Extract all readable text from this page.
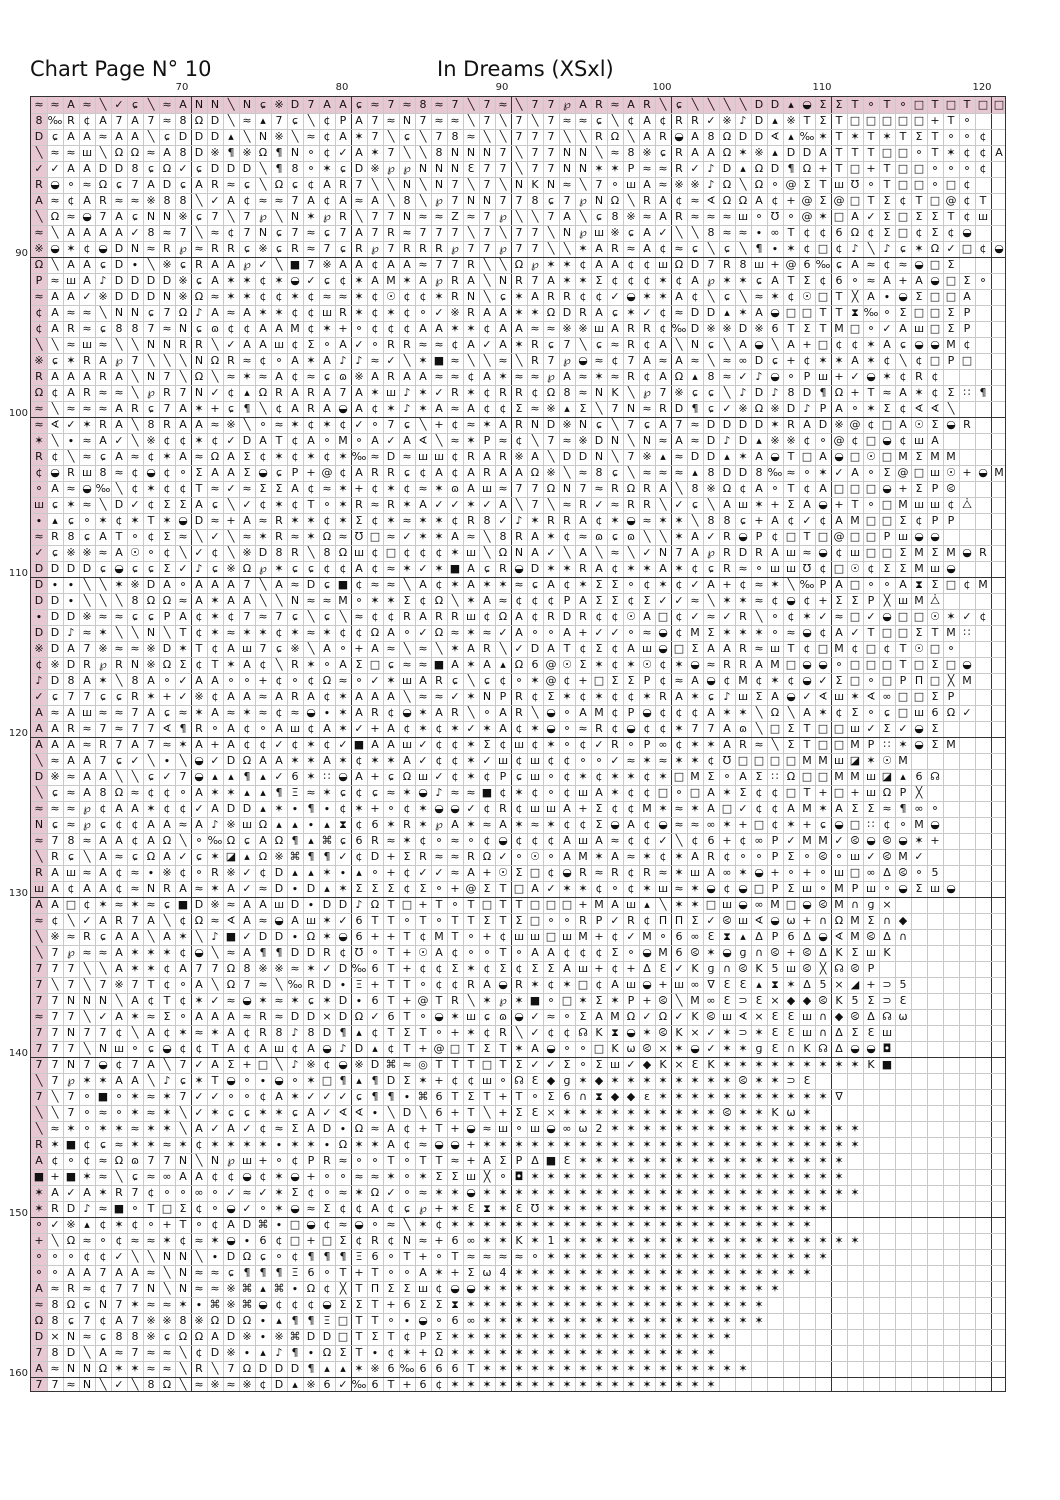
Chart Page N° 10	In Dreams (XSxl)
70	80	90	100	110	120
90
100
110
120
130
140
150
160
≈ ≈ A ≈ ╲ ✓ ɕ ╲ ≈ A N N ╲ N ɕ ※ D 7 A A ɕ ≈ 7 ≈ 8 ≈ 7 ╲ 7 ≈ ╲ 7 7 ℘ A R ≈ A R ╲ ɕ ╲ ╲ ╲ ╲ D D ▴ ◒ Σ Σ T ⚬ T ⚬ □ T □ T □ □
8 ‰ R ¢ A 7 A 7 ≈ 8 Ω D ╲ ≈ ▴ 7 ɕ ╲ ¢ P A 7 ≈ N 7 ≈ ≈ ╲ 7 ╲ 7 ╲ 7 ≈ ≈ ɕ ╲ ¢ A ¢ R R ✓ ※ ♪ D ▴ ※ T Σ T □ □ □ □ □ + T ⚬
D ɕ A A ≈ A A ╲ ɕ D D D ▴ ╲ N ※ ╲ ≈ ¢ A ✶ 7 ╲ ɕ ╲ 7 8 ≈ ╲ ╲ 7 7 7 ╲ ╲ R Ω ╲ A R ◒ A 8 Ω D D ∢ ▴ ‰ ✶ T ✶ T ✶ T Σ T ⚬ ⚬ ¢
╲ ≈ ≈ ш ╲ Ω Ω ≈ A 8 D ※ ¶ ※ Ω ¶ N ⚬ ¢ ✓ A ✶ 7 ╲ ╲ 8 N N N 7 ╲ 7 7 N N ╲ ≈ 8 ※ ɕ R A A Ω ✶ ※ ▴ D D A T T T □ □ ⚬ T ✶ ¢ ¢ A
✓ ✓ A A D D 8 ɕ Ω ✓ ɕ D D D ╲ ¶ 8 ⚬ ✶ ɕ D ※ ℘ ℘ N N N Ɛ 7 7 ╲ 7 7 N N ✶ ✶ P ≈ ≈ R ✓ ♪ D ▴ Ω D ¶ Ω + T □ + T □ □ ⚬ ⚬ ⚬ ¢
R ◒ ⚬ ≈ Ω ɕ 7 A D ɕ A R ≈ ɕ ╲ Ω ɕ ¢ A R 7 ╲ ╲ N ╲ N 7 ╲ 7 ╲ N K N ≈ ╲ 7 ⚬ ш A ≈ ※ ※ ♪ Ω ╲ Ω ⚬ @ Σ T ш ℧ ⚬ T □ □ ⚬ □ ¢
A ≈ ¢ A R ≈ ≈ ※ 8 8 ╲ ✓ A ¢ ≈ ≈ 7 A ¢ A ≈ A ╲ 8 ╲ ℘ 7 N N 7 7 8 ɕ 7 ℘ N Ω ╲ R A ¢ ≈ ∢ Ω Ω A ¢ + @ Σ @ □ T Σ ¢ T □ @ ¢ T
╲ Ω ≈ ◒ 7 A ɕ N N ※ ɕ 7 ╲ 7 ℘ ╲ N ✶ ℘ R ╲ 7 7 N ≈ ≈ Z ≈ 7 ℘ ╲ ╲ 7 A ╲ ɕ 8 ※ ≈ A R ≈ ≈ ≈ ш ⚬ ℧ ⚬ @ ✶ □ A ✓ Σ □ Σ Σ T ¢ ш
≈ ╲ A A A A ✓ 8 ≈ 7 ╲ ≈ ¢ 7 N ɕ 7 ≈ ɕ 7 A 7 R ≈ 7 7 7 ╲ 7 ╲ 7 7 ╲ N ℘ ш ※ ɕ A ✓ ╲ ╲ 8 ≈ ≈ ∙ ∞ T ¢ ¢ 6 Ω ¢ Σ □ ¢ Σ ¢ ◒
※ ◒ ✶ ¢ ◒ D N ≈ R ℘ ≈ R R ɕ ※ ɕ R ≈ 7 ɕ R ℘ 7 R R R ℘ 7 7 ℘ 7 7 ╲ ╲ ✶ A R ≈ A ¢ ≈ ɕ ╲ ɕ ╲ ¶ ∙ ✶ ¢ □ ¢ ♪ ╲ ♪ ɕ ✶ Ω ✓ □ ¢ ◒
Ω ╲ A A ɕ D ∙ ╲ ※ ɕ R A A ℘ ✓ ╲ ■ 7 ※ A A ¢ A A ≈ 7 7 R ╲ ╲ Ω ℘ ✶ ✶ ¢ A A ¢ ¢ ш Ω D 7 R 8 ш + @ 6 ‰ ɕ A ≈ ¢ ≈ ◒ □ Σ
P ≈ ш A ♪ D D D D ※ ɕ A ✶ ✶ ¢ ✶ ◒ ✓ ɕ ¢ ✶ A M ✶ A ℘ R A ╲ N R 7 A ✶ ✶ Σ ¢ ¢ ¢ ✶ ¢ A ℘ ✶ ✶ ɕ A T Σ ¢ 6 ⚬ ≈ A + A ◒ □ Σ ⚬
≈ A A ✓ ※ D D D N ※ Ω ≈ ✶ ✶ ¢ ¢ ✶ ¢ ≈ ≈ ✶ ¢ ☉ ¢ ¢ ✶ R N ╲ ɕ ✶ A R R ¢ ¢ ✓ ◒ ✶ ✶ A ¢ ╲ ɕ ╲ ≈ ✶ ¢ ☉ □ T ╳ A ∙ ◒ Σ □ □ A
¢ A ≈ ≈ ╲ N N ɕ 7 Ω ♪ A ≈ A ✶ ✶ ¢ ¢ ш R ✶ ¢ ✶ ¢ ⚬ ✓ ※ R A A ✶ ✶ Ω D R A ɕ ✶ ✓ ¢ ≈ D D ▴ ✶ A ◒ □ □ T T ⧗ ‰ ⚬ Σ □ □ Σ P
¢ A R ≈ ɕ 8 8 7 ≈ N ɕ ɷ ¢ ¢ A A M ¢ ✶ + ⚬ ¢ ¢ ¢ A A ✶ ✶ ¢ A A ≈ ≈ ※ ※ ш A R R ¢ ‰ D ※ ※ D ※ 6 T Σ T M □ ⚬ ✓ A ш □ Σ P
╲ ╲ ≈ ш ≈ ╲ ╲ N N R R ╲ ✓ A A ш ¢ Σ ⚬ A ✓ ⚬ R R ≈ ≈ ¢ A ✓ A ✶ R ɕ 7 ╲ ɕ ≈ R ¢ A ╲ N ɕ ╲ A ◒ ╲ A + □ ¢ ¢ ✶ A ɕ ◒ ◒ M ¢
※ ɕ ✶ R A ℘ 7 ╲ ╲ ╲ N Ω R ≈ ¢ ⚬ A ✶ A ♪ ♪ ≈ ✓ ╲ ✶ ■ ≈ ╲ ╲ ≈ ╲ R 7 ℘ ◒ ≈ ¢ 7 A ≈ A ≈ ╲ ≈ ∞ D ɕ + ¢ ✶ ✶ A ✶ ¢ ╲ ¢ □ P □
R A A A R A ╲ N 7 ╲ Ω ╲ ≈ ✶ ≈ A ¢ ≈ ɕ ɷ ※ A R A A ≈ ≈ ¢ A ✶ ≈ ≈ ℘ A ≈ ✶ ≈ R ¢ A Ω ▴ 8 ≈ ✓ ♪ ◒ ⚬ P ш + ✓ ◒ ✶ ¢ R ¢
Ω ¢ A R ≈ ≈ ╲ ℘ R 7 N ✓ ¢ ▴ Ω R A R A 7 A ✶ ш ♪ ✶ ✓ R ✶ ¢ R R ¢ Ω 8 ≈ N K ╲ ℘ 7 ※ ɕ ɕ ╲ ♪ D ♪ 8 D ¶ Ω + T ≈ A ✶ ¢ Σ ∷ ¶
≈ ╲ ≈ ≈ ≈ A R ɕ 7 A ✶ + ɕ ¶ ╲ ¢ A R A ◒ A ¢ ✶ ♪ ✶ A ≈ A ¢ ¢ Σ ≈ ※ ▴ Σ ╲ 7 N ≈ R D ¶ ɕ ✓ ※ Ω ※ D ♪ P A ⚬ ✶ Σ ¢ ∢ ∢ ╲
≈ ∢ ✓ ✶ R A ╲ 8 R A A ≈ ※ ╲ ⚬ ≈ ✶ ¢ ✶ ¢ ✓ ⚬ 7 ɕ ╲ + ¢ ≈ ✶ A R N D ※ N ɕ ╲ 7 ɕ A 7 ≈ D D D D ✶ R A D ※ @ ¢ □ A ☉ Σ ◒ R
✶ ╲ ∙ ≈ A ✓ ╲ ※ ¢ ¢ ✶ ¢ ✓ D A T ¢ A ⚬ M ⚬ A ✓ A ∢ ╲ ≈ ✶ P ≈ ¢ ╲ 7 ≈ ※ D N ╲ N ≈ A ≈ D ♪ D ▴ ※ ※ ¢ ⚬ @ ¢ □ ◒ ¢ ш A
R ¢ ╲ ≈ ɕ A ≈ ¢ ✶ A ≈ Ω A Σ ¢ ✶ ¢ ✶ ¢ ✶ ‰ ≈ D ≈ ш ш ¢ R A R ※ A ╲ D D N ╲ 7 ※ ▴ ≈ D D ▴ ✶ A ◒ T □ A ◒ □ ☉ □ M Σ M M
¢ ◒ R ш 8 ≈ ¢ ◒ ¢ ⚬ Σ A A Σ ◒ ɕ P + @ ¢ A R R ɕ ¢ A ¢ A R A A Ω ※ ╲ ≈ 8 ɕ ╲ ≈ ≈ ≈ ▴ 8 D D 8 ‰ ≈ ⚬ ✶ ✓ A ⚬ Σ @ □ ш ☉ + ◒ M
⚬ A ≈ ◒ ‰ ╲ ¢ ✶ ¢ ¢ T ≈ ✓ ≈ Σ Σ A ¢ ≈ ✶ + ¢ ✶ ¢ ≈ ✶ ɷ A ш ≈ 7 7 Ω N 7 ≈ R Ω R A ╲ 8 ※ Ω ¢ A ⚬ T ¢ A □ □ □ ◒ + Σ P ⧀
ш ɕ ✶ ≈ ╲ D ✓ ¢ Σ Σ A ɕ ╲ ✓ ¢ ✶ ¢ T ⚬ ✶ R ≈ R ✶ A ✓ ✓ ✶ ✓ A ╲ 7 ╲ ≈ R ✓ ≈ R R ╲ ✓ ɕ ╲ A ш ✶ + Σ A ◒ + T ⚬ □ M ш ш ¢ ⧊
∙ ▴ ɕ ⚬ ✶ ¢ ✶ T ✶ ◒ D ≈ + A ≈ R ✶ ✶ ¢ ✶ Σ ¢ ✶ ≈ ✶ ✶ ¢ R 8 ✓ ♪ ✶ R R A ¢ ✶ ◒ ≈ ✶ ✶ ╲ 8 8 ɕ + A ¢ ✓ ¢ A M □ □ Σ ¢ P P
≈ R 8 ɕ A T ⚬ ¢ Σ ≈ ╲ ✓ ╲ ≈ ✶ R ≈ ✶ Ω ≈ ℧ □ ≈ ✓ ✶ ✶ A ≈ ╲ 8 R A ✶ ¢ ≈ ɷ ɕ ɷ ╲ ╲ ✶ A ✓ R ◒ P ¢ □ T □ @ □ □ P ш ◒ ◒
✓ ɕ ※ ※ ≈ A ☉ ⚬ ¢ ╲ ✓ ¢ ╲ ※ D 8 R ╲ 8 Ω ш ¢ □ ¢ ¢ ¢ ✶ ш ╲ Ω N A ✓ ╲ A ╲ ≈ ╲ ✓ N 7 A ℘ R D R A ш ≈ ◒ ¢ ш □ □ Σ M Σ M ◒ R
D D D D ɕ ◒ ɕ ɕ Σ ✓ ♪ ɕ ※ Ω ℘ ✶ ɕ ɕ ¢ ¢ A ¢ ≈ ✶ ✓ ✶ ■ A ɕ R ◒ D ✶ ✶ R A ¢ ✶ ✶ A ✶ ¢ ɕ R ≈ ⚬ ш ш ℧ ¢ □ ☉ ¢ Σ Σ M ш ◒
D ∙ ∙ ╲ ╲ ✶ ※ D A ⚬ A A A 7 ╲ A ≈ D ɕ ■ ¢ ≈ ≈ ╲ A ¢ ✶ A ✶ ✶ ≈ ɕ A ¢ ✶ Σ Σ ⚬ ¢ ✶ ¢ ✓ A + ¢ ≈ ✶ ╲ ‰ P A □ ⚬ ⚬ A ⧗ Σ □ ¢ M
D D ∙ ╲ ╲ ╲ 8 Ω Ω ≈ A ✶ A A ╲ ╲ N ≈ ≈ M ⚬ ✶ ✶ Σ ¢ Ω ╲ ✶ A ≈ ¢ ¢ ¢ P A Σ Σ ¢ Σ ✓ ✓ ≈ ╲ ✶ ✶ ≈ ¢ ◒ ¢ + Σ Σ P ╳ ш M ⧊
∙ D D ※ ≈ ≈ ɕ ɕ P A ¢ ✶ ¢ 7 ≈ 7 ɕ ╲ ɕ ╲ ≈ ¢ ¢ R A R R ш ¢ Ω A ¢ R D R ¢ ¢ ☉ A □ ¢ ✓ ≈ ✓ R ╲ ⚬ ¢ ✶ ✓ ≈ □ ✓ ◒ □ □ ☉ ✶ ✓ ¢
D D ♪ ≈ ✶ ╲ ╲ N ╲ T ¢ ✶ ≈ ✶ ✶ ¢ ✶ ≈ ✶ ¢ ¢ Ω A ⚬ ✓ Ω ≈ ✶ ≈ ✓ A ⚬ ⚬ A + ✓ ✓ ⚬ ≈ ◒ ¢ M Σ ✶ ✶ ✶ ⚬ ≈ ◒ ¢ A ✓ T □ □ Σ T M ∷
※ D A 7 ※ ≈ ≈ ※ D ✶ T ¢ A ш 7 ɕ ※ ╲ A ⚬ + A ≈ ╲ ≈ ╲ ✶ A R ╲ ✓ D A T ¢ Σ ¢ A ш ◒ □ Σ A A R ≈ ш T ¢ □ M ¢ □ ¢ T ☉ □ ⚬
¢ ※ D R ℘ R N ※ Ω Σ ¢ T ✶ A ¢ ╲ R ✶ ⚬ A Σ □ ɕ ≈ ≈ ■ A ✶ A ▴ Ω 6 @ ☉ Σ ✶ ¢ ✶ ☉ ¢ ✶ ◒ ≈ R R A M □ ◒ ◒ ⚬ □ □ □ T □ Σ □ ◒
♪ D 8 A ✶ ╲ 8 A ⚬ ✓ A A ⚬ ⚬ + ¢ ⚬ ¢ Ω ≈ ⚬ ✓ ✶ ш A R ɕ ╲ ɕ ¢ ⚬ ✶ @ ¢ + □ Σ Σ P ¢ ≈ A ◒ ¢ M ¢ ✶ ¢ ◒ ✓ Σ □ ⚬ □ P Π □ ╳ M
✓ ɕ 7 7 ɕ ɕ R ✶ + ✓ ※ ¢ A A ≈ A R A ¢ ✶ A A A ╲ ≈ ≈ ✓ ✶ N P R ¢ Σ ✶ ¢ ✶ ¢ ¢ ✶ R A ✶ ɕ ♪ ш Σ A ◒ ✓ ∢ ш ✶ ∢ ∞ □ □ Σ P
A ≈ A ш ≈ ≈ 7 A ɕ ≈ ✶ A ≈ ✶ ≈ ¢ ≈ ◒ ∙ ✶ A R ¢ ◒ ✶ A R ╲ ⚬ A R ╲ ◒ ⚬ A M ¢ P ◒ ¢ ¢ ¢ A ✶ ✶ ╲ Ω ╲ A ✶ ¢ Σ ⚬ ɕ □ ш 6 Ω ✓
A A R ≈ 7 ≈ 7 7 ∢ ¶ R ⚬ A ¢ ⚬ A ш ¢ A ✶ ✓ + A ¢ ✶ ¢ ✶ ✓ ✶ A ¢ ✶ ◒ ⚬ ≈ R ¢ ◒ ¢ ¢ ✶ 7 7 A ɷ ╲ □ Σ T □ □ ш ✓ Σ ✓ ◒ Σ
A A A ≈ R 7 A 7 ≈ ✶ A + A ¢ ¢ ✓ ¢ ✶ ¢ ✓ ■ A A ш ✓ ¢ ¢ ✶ Σ ¢ ш ¢ ✶ ⚬ ¢ ✓ R ⚬ P ∞ ¢ ✶ ✶ A R ≈ ╲ Σ T □ □ M P ∷ ✶ ◒ Σ M
╲ ≈ A A 7 ɕ ✓ ╲ ∙ ╲ ◒ ✓ D Ω A A ✶ ✶ A ✶ ¢ ✶ ✶ A ✓ ¢ ¢ ✶ ✓ ш ¢ ш ¢ ¢ ⚬ ⚬ ✓ ≈ ✶ ≈ ✶ ✶ ¢ ℧ □ □ □ □ M M ш ◪ ✶ ☉ M
D ※ ≈ A A ╲ ╲ ɕ ✓ 7 ◒ ▴ ▴ ¶ ▴ ✓ 6 ✶ ∷ ◒ A + ɕ Ω ш ✓ ¢ ✶ ¢ P ɕ ш ⚬ ¢ ✶ ¢ ✶ ✶ ¢ ✶ □ M Σ ⚬ A Σ ∷ Ω □ □ M M ш ◪ ▴ 6 ☊
╲ ɕ ≈ A 8 Ω ≈ ¢ ¢ ⚬ A ✶ ✶ ▴ ▴ ¶ Ξ ≈ ✶ ɕ ¢ ɕ ≈ ✶ ◒ ♪ ≈ ≈ ■ ¢ ✶ ¢ ⚬ ¢ ш A ✶ ¢ ¢ □ ⚬ □ A ✶ Σ ¢ ¢ □ T + □ + ш Ω P ╳
≈ ≈ ≈ ℘ ¢ A A ✶ ¢ ¢ ✓ A D D ▴ ✶ ∙ ¶ ∙ ¢ ✶ + ⚬ ¢ ✶ ◒ ◒ ✓ ¢ R ¢ ш ш A + Σ ¢ ¢ M ✶ ≈ ✶ A □ ✓ ¢ ¢ A M ✶ A Σ Σ ≈ ¶ ∞ ⚬
N ɕ ≈ ℘ ɕ ¢ ¢ A A ≈ A ♪ ※ ш Ω ▴ ▴ ∙ ▴ ⧗ ¢ 6 ✶ R ✶ ℘ A ✶ ≈ A ✶ ≈ ✶ ¢ ¢ Σ ◒ A ¢ ◒ ≈ ≈ ∞ ✶ + □ ¢ ✶ + ɕ ◒ □ ∷ ¢ ⚬ M ◒
≈ 7 8 ≈ A A ¢ A Ω ╲ ⚬ ‰ Ω ɕ A Ω ¶ ▴ ⌘ ɕ 6 R ≈ ✶ ¢ ⚬ ≈ ⚬ ¢ ◒ ¢ ¢ ¢ A ш A ≈ ¢ ¢ ✓ ╲ ¢ 6 + ¢ ∞ P ✓ M M ✓ ⧀ ◒ ⧀ ◒ ✶ +
╲ R ɕ ╲ A ≈ ɕ Ω A ✓ ɕ ✶ ◪ ▴ Ω ※ ⌘ ¶ ¶ ✓ ¢ D + Σ R ≈ ≈ R Ω ✓ ⚬ ☉ ⚬ A M ✶ A ≈ ✶ ¢ ✶ A R ¢ ⚬ ⚬ P Σ ⚬ ⧀ ⚬ ш ✓ ⧀ M ✓
R A ш ≈ A ¢ ≈ ∙ ※ ¢ ⚬ R ※ ✓ ¢ D ▴ ▴ ✶ ∙ ▴ ⚬ + ¢ ✓ ✓ ≈ A + ☉ Σ □ ¢ ◒ R ≈ R ¢ R ≈ ✶ ш A ∞ ✶ ◒ + ⚬ + ⚬ ш □ ∞ Δ ⧀ ⚬ 5
ш A ¢ A A ¢ ≈ N R A ≈ ✶ A ✓ ≈ D ∙ D ▴ ✶ Σ Σ Σ ¢ Σ ⚬ + @ Σ T □ A ✓ ✶ ✶ ¢ ⚬ ¢ ✶ ш ≈ ✶ ◒ ¢ ◒ □ P Σ ш ⚬ M P ш ⚬ ◒ Σ ш ◒
A A □ ¢ ✶ ≈ ✶ ≈ ɕ ■ D ※ ≈ A A ш D ∙ D D ♪ Ω T □ + T ⚬ T □ T T □ □ □ + M A ш ▴ ╲ ✶ ✶ □ ш ◒ ∞ M □ ◒ ⧀ M ∩ ɡ ×
≈ ¢ ╲ ✓ A R 7 A ╲ ¢ Ω ≈ ∢ A ≈ ◒ A ш ✶ ✓ 6 T T ⚬ T ⚬ T T Σ T Σ □ ⚬ ⚬ R P ✓ R ¢ Π Π Σ ✓ ⧀ ш ∢ ◒ ⍵ + ∩ Ω M Σ ∩ ◆
╲ ※ ≈ R ɕ A A ╲ A ✶ ╲ ♪ ■ ✓ D D ∙ Ω ✶ ◒ 6 + + T ¢ M T ⚬ + ¢ ш ш □ ш M + ¢ ✓ M ⚬ 6 ∞ Ɛ ⧗ ▴ Δ P 6 Δ ◒ ∢ M ⧀ Δ ∩
╲ 7 ℘ ≈ ≈ A ✶ ✶ ✶ ¢ ◒ ╲ ≈ A ¶ ¶ D D R ¢ ℧ ⚬ T + ☉ A ¢ ⚬ ⚬ T ⚬ A A ¢ ¢ ¢ Σ ⚬ ◒ M 6 ⧀ ✶ ◒ ɡ ∩ ⧀ + ⧀ Δ K Σ ш K
7 7 7 ╲ ╲ A ✶ ✶ ¢ A 7 7 Ω 8 ※ ※ ≈ ✶ ✓ D ‰ 6 T + ¢ ¢ Σ ✶ ¢ Σ ¢ Σ Σ A ш + ¢ + Δ Ɛ ✓ K ɡ ∩ ⧀ K 5 ш ⧀ ╳ ☊ ⧀ P
7 ╲ 7 ╲ 7 ※ 7 T ¢ ⚬ A ╲ Ω 7 ≈ ╲ ‰ R D ∙ Ξ + T T ⚬ ¢ ¢ R A ◒ R ✶ ¢ ✶ □ ¢ A ш ◒ + ш ∞ ∇ Ɛ Ɛ ▴ ⧗ ✶ Δ 5 × ◢ + ⊃ 5
7 7 N N N ╲ A ¢ T ¢ ✶ ✓ ≈ ◒ ✶ ≈ ✶ ɕ ✶ D ∙ 6 T + @ T R ╲ ✶ ℘ ✶ ■ ⚬ □ ✶ Σ ✶ P + ⧀ ╲ M ∞ Ɛ ⊃ Ɛ × ◆ ◆ ⧀ K 5 Σ ⊃ Ɛ
≈ 7 7 ╲ ✓ A ✶ ≈ Σ ⚬ A A A ≈ R ≈ D D × D Ω ✓ 6 T ⚬ ◒ ✶ ш ɕ ɷ ◒ ✓ ≈ ⚬ Σ A M Ω ✓ Ω ✓ K ⧀ ш ∢ × Ɛ Ɛ ш ∩ ◆ ⧀ Δ ☊ ⍵
7 7 N 7 7 ¢ ╲ A ¢ ✶ ≈ ✶ A ¢ R 8 ♪ 8 D ¶ ▴ ¢ T Σ T ⚬ + ✶ ¢ R ╲ ✓ ¢ ¢ ☊ K ⧗ ◒ ✶ ⧀ K × ✓ ✶ ⊃ ✶ Ɛ Ɛ ш ∩ Δ Σ Ɛ ш
7 7 7 ╲ N ш ⚬ ɕ ◒ ¢ ¢ T A ¢ A ш ¢ A ◒ ♪ D ▴ ¢ T + @ □ T Σ T ✶ A ◒ ⚬ ⚬ □ K ⍵ ⧀ × ✶ ◒ ✓ ✶ ✶ ɡ Ɛ ∩ K ☊ Δ ◒ ◒ ◘
7 7 N 7 ◒ ¢ 7 A ╲ 7 ✓ A Σ + □ ╲ ♪ ※ ¢ ◒ ※ D ⌘ ≈ ◎ T T T □ T Σ ✓ ✓ Σ ⚬ Σ ш ✓ ◆ K × Ɛ K ✶ ✶ ✶ ✶ ✶ ✶ ✶ ✶ ✶ K ■
╲ 7 ℘ ✶ ✶ A A ╲ ♪ ɕ ✶ T ◒ ⚬ ∙ ◒ ⚬ ✶ □ ¶ ▴ ¶ D Σ ✶ + ¢ ¢ ш ⚬ ☊ Ɛ ◆ ɡ ✶ ◆ ✶ ✶ ✶ ✶ ✶ ✶ ✶ ✶ ⧀ ✶ ✶ ⊃ Ɛ
7 ╲ 7 ⚬ ■ ⚬ ✶ ≈ ✶ 7 ✓ ✓ ⚬ ⚬ ¢ A ✶ ✓ ✓ ✓ ɕ ¶ ¶ ∙ ⌘ 6 T Σ T + T ⚬ Σ 6 ∩ ⧗ ◆ ◆ ɛ ✶ ✶ ✶ ✶ ✶ ✶ ✶ ✶ ✶ ✶ ✶ ∇
╲ ╲ 7 ⚬ ≈ ⚬ ✶ ≈ ✶ ╲ ✓ ✶ ɕ ɕ ✶ ✶ ɕ A ✓ ∢ ∢ ∙ ╲ D ╲ 6 + T ╲ + Σ Ɛ × ✶ ✶ ✶ ✶ ✶ ✶ ✶ ✶ ✶ ✶ ⧀ ✶ ✶ K ⍵ ✶
╲ ≈ ✶ ⚬ ✶ ✶ ≈ ✶ ✶ ╲ A ✓ A ✓ ¢ ≈ Σ A D ∙ Ω ≈ A ¢ + T + ◒ ≈ ш ⚬ ш ◒ ∞ ω 2 ✶ ✶ ✶ ✶ ✶ ✶ ✶ ✶ ✶ ✶ ✶ ✶ ✶ ✶ ✶ ✶
R ✶ ■ ¢ ɕ ≈ ✶ ✶ ≈ ✶ ¢ ✶ ✶ ✶ ✶ ∙ ✶ ✶ ∙ Ω ✶ ✶ A ¢ ≈ ◒ ◒ + ✶ ✶ ✶ ✶ ✶ ✶ ✶ ✶ ✶ ✶ ✶ ✶ ✶ ✶ ✶ ✶ ✶ ✶ ✶ ✶ ✶ ✶ ✶ ✶
A ¢ ⚬ ¢ ≈ Ω ɷ 7 7 N ╲ N ℘ ш + ⚬ ¢ P R ≈ ⚬ ⚬ T ⚬ T T ≈ + A Σ P Δ ■ Ɛ ✶ ✶ ✶ ✶ ✶ ✶ ✶ ✶ ✶ ✶ ✶ ✶ ✶ ✶ ✶ ✶ ✶
■ + ■ ✶ ≈ ╲ ɕ ≈ ∞ A A ¢ ¢ ◒ ¢ ✶ ◒ + ⚬ ⚬ ≈ ≈ ✶ ⚬ ✶ Σ Σ ш ╳ ⚬ ◘ ✶ ✶ ✶ ✶ ✶ ✶ ✶ ✶ ✶ ✶ ✶ ✶ ✶ ✶ ✶ ✶ ✶ ✶ ✶ ✶
✶ A ✓ A ✶ R 7 ¢ ⚬ ⚬ ∞ ⚬ ✓ ≈ ✓ ✶ Σ ¢ ⚬ ≈ ✶ Ω ✓ ⚬ ≈ ✶ ✶ ◒ ✶ ✶ ✶ ✶ ✶ ✶ ✶ ✶ ✶ ✶ ✶ ✶ ✶ ✶ ✶ ✶ ✶ ✶ ✶ ✶ ✶ ✶ ✶ ✶
✶ R D ♪ ≈ ■ ⚬ T □ Σ ¢ ⚬ ◒ ✓ ⚬ ✶ ◒ ≈ Σ ¢ ¢ A ¢ ɕ ℘ + ✶ Ɛ ⧗ ✶ Ɛ ℧ ✶ ✶ ✶ ✶ ✶ ✶ ✶ ✶ ✶ ✶ ✶ ✶ ✶ ✶ ✶ ✶ ✶ ✶
⚬ ✓ ※ ▴ ¢ ✶ ¢ ⚬ + T ⚬ ¢ A D ⌘ ∙ □ ◒ ¢ ≈ ◒ ⚬ ≈ ╲ ✶ ¢ ✶ ✶ ✶ ✶ ✶ ✶ ✶ ✶ ✶ ✶ ✶ ✶ ✶ ✶ ✶ ✶ ✶ ✶ ✶ ✶ ✶ ✶ ✶
+ ╲ Ω ≈ ⚬ ¢ ≈ ≈ ✶ ¢ ≈ ✶ ◒ ∙ 6 ¢ □ + □ Σ ¢ R ¢ N ≈ + 6 ∞ ✶ ✶ K ✶ 1 ✶ ✶ ✶ ✶ ✶ ✶ ✶ ✶ ✶ ✶ ✶ ✶ ✶ ✶ ✶ ✶ ✶ ✶ ✶
⚬ ⚬ ⚬ ¢ ¢ ✓ ╲ ╲ N N ╲ ∙ D Ω ɕ ⚬ ¢ ¶ ¶ ¶ Ξ 6 ⚬ T + ⚬ T ≈ ≈ ≈ ≈ ⚬ ✶ ✶ ✶ ✶ ✶ ✶ ✶ ✶ ✶ ✶ ✶ ✶ ✶ ✶ ✶ ✶ ✶ ✶
⚬ ⚬ A A 7 A A ≈ ╲ N ≈ ≈ ɕ ¶ ¶ ¶ Ξ 6 ⚬ T + T ⚬ ⚬ A ✶ + Σ ω 4 ✶ ✶ ✶ ✶ ✶ ✶ ✶ ✶ ✶ ✶ ✶ ✶ ✶ ✶ ✶ ✶ ✶ ✶ ✶
A ≈ R ≈ ¢ 7 7 N ╲ N ≈ ≈ ※ ⌘ ▴ ⌘ ∙ Ω ¢ ╳ T Π Σ Σ ш ¢ ◒ ◒ ✶ ✶ ✶ ✶ ✶ ✶ ✶ ✶ ✶ ✶ ✶ ✶ ✶ ✶ ✶ ✶ ✶ ✶ ✶
≈ 8 Ω ɕ N 7 ✶ ≈ ≈ ✶ ∙ ⌘ ※ ⌘ ◒ ¢ ¢ ¢ ◒ Σ Σ T + 6 Σ Σ ⧗ ✶ ✶ ✶ ✶ ✶ ✶ ✶ ✶ ✶ ✶ ✶ ✶ ✶ ✶ ✶ ✶ ✶ ✶ ✶
Ω 8 ɕ 7 ¢ A 7 ※ ※ 8 ※ Ω D Ω ∙ ▴ ¶ ¶ Ξ □ T T ⚬ ∙ ◒ ⚬ 6 ∞ ✶ ✶ ✶ ✶ ✶ ✶ ✶ ✶ ✶ ✶ ✶ ✶ ✶ ✶ ✶ ✶ ✶ ✶
D × N ≈ ɕ 8 8 ※ ɕ Ω Ω A D ※ ∙ ※ ⌘ D D □ T Σ T ¢ P Σ ✶ ✶ ✶ ✶ ✶ ✶ ✶ ✶ ✶ ✶ ✶ ✶ ✶ ✶ ✶ ✶ ✶ ✶
7 8 D ╲ A ≈ 7 ≈ ≈ ╲ ¢ D ※ ∙ ▴ ♪ ¶ ∙ Ω Σ T ∙ ¢ ✶ + Ω ✶ ✶ ✶ ✶ ✶ ✶ ✶ ✶ ✶ ✶ ✶ ✶ ✶ ✶ ✶ ✶ ✶
A ≈ N N Ω ✶ ✶ ≈ ≈ ╲ R ╲ 7 Ω D D D ¶ ▴ ▴ ✶ ※ 6 ‰ 6 6 6 T ✶ ✶ ✶ ✶ ✶ ✶ ✶ ✶ ✶ ✶ ✶ ✶ ✶ ✶ ✶ ✶ ✶
7 7 ≈ N ╲ ✓ ╲ 8 Ω ╲ ≈ ※ ≈ ※ ¢ D ▴ ※ 6 ✓ ‰ 6 T + 6 ¢ ✶ ✶ ✶ ✶ ✶ ✶ ✶ ✶ ✶ ✶ ✶ ✶ ✶ ✶ ✶ ✶ ✶
